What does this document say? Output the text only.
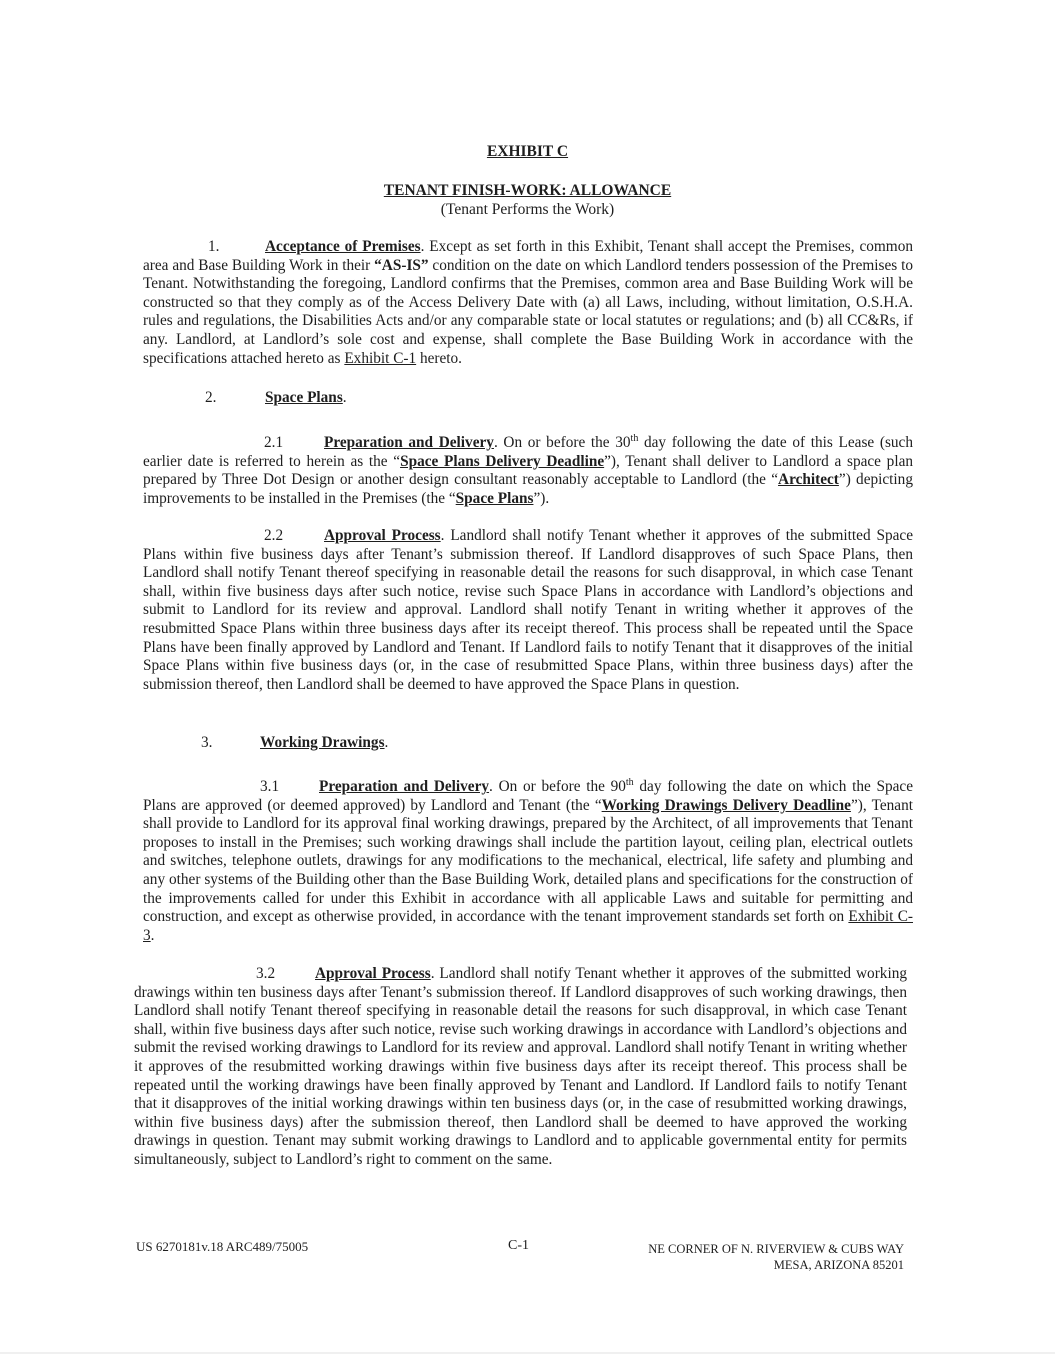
EXHIBIT C
TENANT FINISH-WORK: ALLOWANCE
(Tenant Performs the Work)

1.	Acceptance of Premises. Except as set forth in this Exhibit, Tenant shall accept the Premises, common area and Base Building Work in their “AS-IS” condition on the date on which Landlord tenders possession of the Premises to Tenant. Notwithstanding the foregoing, Landlord confirms that the Premises, common area and Base Building Work will be constructed so that they comply as of the Access Delivery Date with (a) all Laws, including, without limitation, O.S.H.A. rules and regulations, the Disabilities Acts and/or any comparable state or local statutes or regulations; and (b) all CC&Rs, if any. Landlord, at Landlord’s sole cost and expense, shall complete the Base Building Work in accordance with the specifications attached hereto as Exhibit C-1 hereto.

2.	Space Plans.

2.1	Preparation and Delivery. On or before the 30th day following the date of this Lease (such earlier date is referred to herein as the “Space Plans Delivery Deadline”), Tenant shall deliver to Landlord a space plan prepared by Three Dot Design or another design consultant reasonably acceptable to Landlord (the “Architect”) depicting improvements to be installed in the Premises (the “Space Plans”).

2.2	Approval Process. Landlord shall notify Tenant whether it approves of the submitted Space Plans within five business days after Tenant’s submission thereof. If Landlord disapproves of such Space Plans, then Landlord shall notify Tenant thereof specifying in reasonable detail the reasons for such disapproval, in which case Tenant shall, within five business days after such notice, revise such Space Plans in accordance with Landlord’s objections and submit to Landlord for its review and approval. Landlord shall notify Tenant in writing whether it approves of the resubmitted Space Plans within three business days after its receipt thereof. This process shall be repeated until the Space Plans have been finally approved by Landlord and Tenant. If Landlord fails to notify Tenant that it disapproves of the initial Space Plans within five business days (or, in the case of resubmitted Space Plans, within three business days) after the submission thereof, then Landlord shall be deemed to have approved the Space Plans in question.

3.	Working Drawings.

3.1	Preparation and Delivery. On or before the 90th day following the date on which the Space Plans are approved (or deemed approved) by Landlord and Tenant (the “Working Drawings Delivery Deadline”), Tenant shall provide to Landlord for its approval final working drawings, prepared by the Architect, of all improvements that Tenant proposes to install in the Premises; such working drawings shall include the partition layout, ceiling plan, electrical outlets and switches, telephone outlets, drawings for any modifications to the mechanical, electrical, life safety and plumbing and any other systems of the Building other than the Base Building Work, detailed plans and specifications for the construction of the improvements called for under this Exhibit in accordance with all applicable Laws and suitable for permitting and construction, and except as otherwise provided, in accordance with the tenant improvement standards set forth on Exhibit C-3.

3.2	Approval Process. Landlord shall notify Tenant whether it approves of the submitted working drawings within ten business days after Tenant’s submission thereof. If Landlord disapproves of such working drawings, then Landlord shall notify Tenant thereof specifying in reasonable detail the reasons for such disapproval, in which case Tenant shall, within five business days after such notice, revise such working drawings in accordance with Landlord’s objections and submit the revised working drawings to Landlord for its review and approval. Landlord shall notify Tenant in writing whether it approves of the resubmitted working drawings within five business days after its receipt thereof. This process shall be repeated until the working drawings have been finally approved by Tenant and Landlord. If Landlord fails to notify Tenant that it disapproves of the initial working drawings within ten business days (or, in the case of resubmitted working drawings, within five business days) after the submission thereof, then Landlord shall be deemed to have approved the working drawings in question. Tenant may submit working drawings to Landlord and to applicable governmental entity for permits simultaneously, subject to Landlord’s right to comment on the same.

US 6270181v.18 ARC489/75005	C-1	NE CORNER OF N. RIVERVIEW & CUBS WAY
MESA, ARIZONA 85201
